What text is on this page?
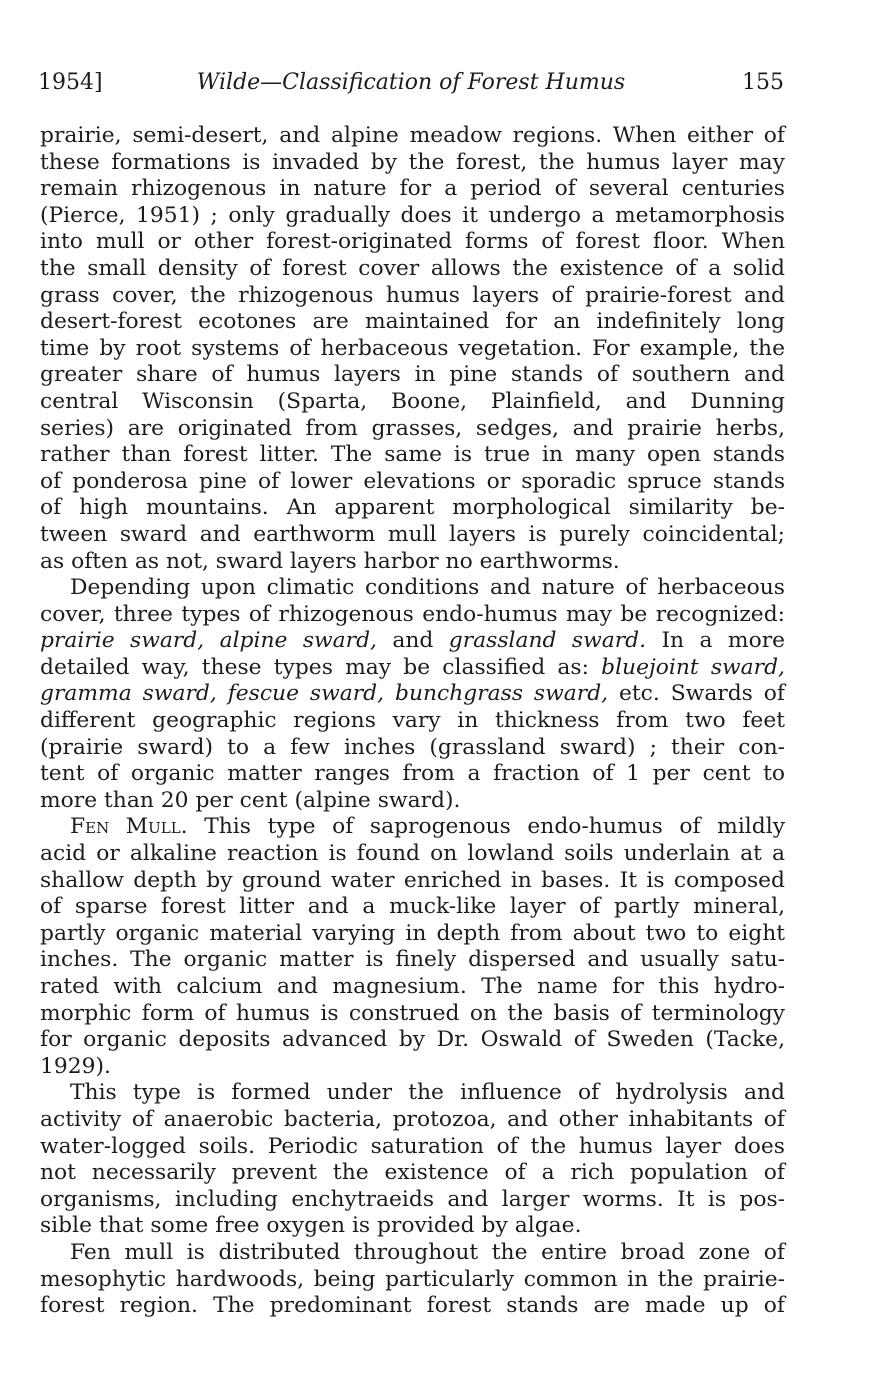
1954]	Wilde—Classification of Forest Humus	155
prairie, semi-desert, and alpine meadow regions. When either of
these formations is invaded by the forest, the humus layer may
remain rhizogenous in nature for a period of several centuries
(Pierce, 1951) ; only gradually does it undergo a metamorphosis
into mull or other forest-originated forms of forest floor. When
the small density of forest cover allows the existence of a solid
grass cover, the rhizogenous humus layers of prairie-forest and
desert-forest ecotones are maintained for an indefinitely long
time by root systems of herbaceous vegetation. For example, the
greater share of humus layers in pine stands of southern and
central Wisconsin (Sparta, Boone, Plainfield, and Dunning
series) are originated from grasses, sedges, and prairie herbs,
rather than forest litter. The same is true in many open stands
of ponderosa pine of lower elevations or sporadic spruce stands
of high mountains. An apparent morphological similarity be-
tween sward and earthworm mull layers is purely coincidental;
as often as not, sward layers harbor no earthworms.
Depending upon climatic conditions and nature of herbaceous
cover, three types of rhizogenous endo-humus may be recognized:
prairie sward, alpine sward, and grassland sward. In a more
detailed way, these types may be classified as: bluejoint sward,
gramma sward, fescue sward, bunchgrass sward, etc. Swards of
different geographic regions vary in thickness from two feet
(prairie sward) to a few inches (grassland sward) ; their con-
tent of organic matter ranges from a fraction of 1 per cent to
more than 20 per cent (alpine sward).
Fen Mull. This type of saprogenous endo-humus of mildly
acid or alkaline reaction is found on lowland soils underlain at a
shallow depth by ground water enriched in bases. It is composed
of sparse forest litter and a muck-like layer of partly mineral,
partly organic material varying in depth from about two to eight
inches. The organic matter is finely dispersed and usually satu-
rated with calcium and magnesium. The name for this hydro-
morphic form of humus is construed on the basis of terminology
for organic deposits advanced by Dr. Oswald of Sweden (Tacke,
1929).
This type is formed under the influence of hydrolysis and
activity of anaerobic bacteria, protozoa, and other inhabitants of
water-logged soils. Periodic saturation of the humus layer does
not necessarily prevent the existence of a rich population of
organisms, including enchytraeids and larger worms. It is pos-
sible that some free oxygen is provided by algae.
Fen mull is distributed throughout the entire broad zone of
mesophytic hardwoods, being particularly common in the prairie-
forest region. The predominant forest stands are made up of
